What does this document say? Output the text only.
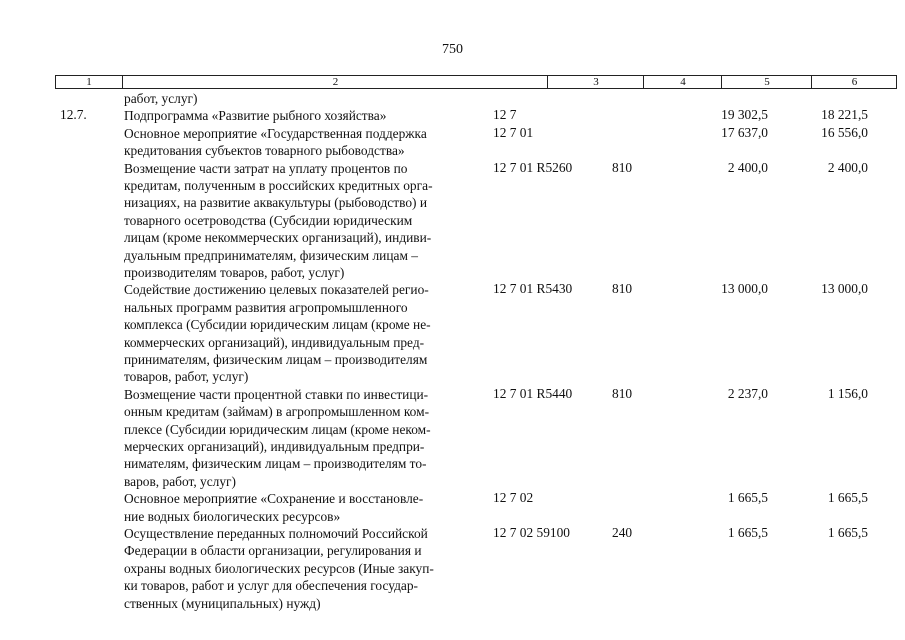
750
1	2	3	4	5	6
работ, услуг)
12.7.	Подпрограмма «Развитие рыбного хозяйства»	12 7	19 302,5	18 221,5
Основное мероприятие «Государственная поддержка
кредитования субъектов товарного рыбоводства»
12 7 01	17 637,0	16 556,0
Возмещение части затрат на уплату процентов по
кредитам, полученным в российских кредитных орга-
низациях, на развитие аквакультуры (рыбоводство) и
товарного осетроводства (Субсидии юридическим
лицам (кроме некоммерческих организаций), индиви-
дуальным предпринимателям, физическим лицам –
производителям товаров, работ, услуг)
12 7 01 R5260	810	2 400,0	2 400,0
Содействие достижению целевых показателей регио-
нальных программ развития агропромышленного
комплекса (Субсидии юридическим лицам (кроме не-
коммерческих организаций), индивидуальным пред-
принимателям, физическим лицам – производителям
товаров, работ, услуг)
12 7 01 R5430	810	13 000,0	13 000,0
Возмещение части процентной ставки по инвестици-
онным кредитам (займам) в агропромышленном ком-
плексе (Субсидии юридическим лицам (кроме неком-
мерческих организаций), индивидуальным предпри-
нимателям, физическим лицам – производителям то-
варов, работ, услуг)
12 7 01 R5440	810	2 237,0	1 156,0
Основное мероприятие «Сохранение и восстановле-
ние водных биологических ресурсов»
12 7 02	1 665,5	1 665,5
Осуществление переданных полномочий Российской
Федерации в области организации, регулирования и
охраны водных биологических ресурсов (Иные закуп-
ки товаров, работ и услуг для обеспечения государ-
ственных (муниципальных) нужд)
12 7 02 59100	240	1 665,5	1 665,5
